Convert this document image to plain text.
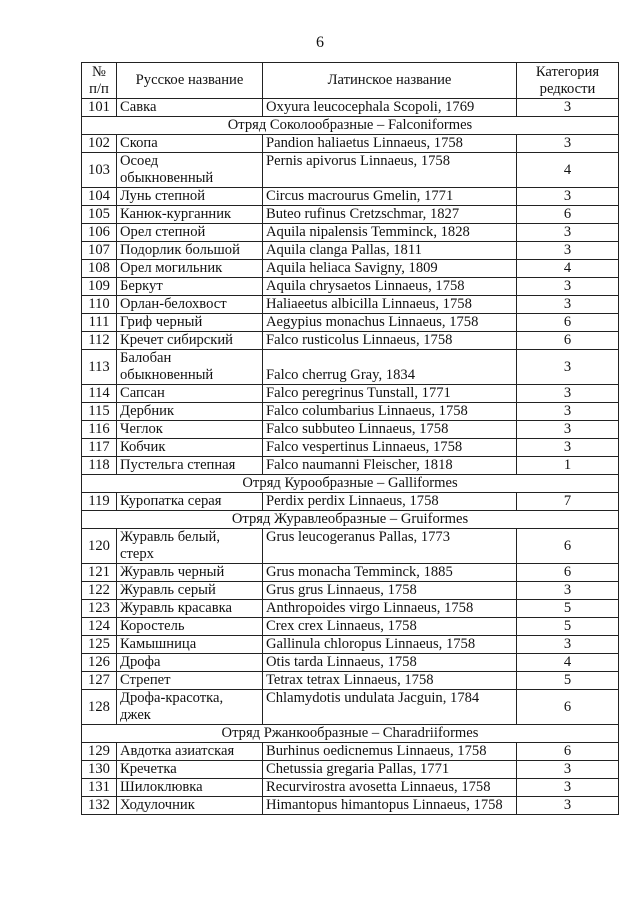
6
№
п/п	Русское название	Латинское название	Категория
редкости

101	Савка	Oxyura leucocephala Scopoli, 1769	3
Отряд Соколообразные – Falconiformes			
102	Скопа	Pandion haliaetus Linnaeus, 1758	3
103	Осоед
обыкновенный	Pernis apivorus Linnaeus, 1758	4
104	Лунь степной	Circus macrourus Gmelin, 1771	3
105	Канюк-курганник	Buteo rufinus Cretzschmar, 1827	6
106	Орел степной	Aquila nipalensis Temminck, 1828	3
107	Подорлик большой	Aquila clanga Pallas, 1811	3
108	Орел могильник	Aquila heliaca Savigny, 1809	4
109	Беркут	Aquila chrysaetos Linnaeus, 1758	3
110	Орлан-белохвост	Haliaeetus albicilla Linnaeus, 1758	3
111	Гриф черный	Aegypius monachus Linnaeus, 1758	6
112	Кречет сибирский	Falco rusticolus Linnaeus, 1758	6
113	Балобан
обыкновенный	Falco cherrug Gray, 1834	3
114	Сапсан	Falco peregrinus Tunstall, 1771	3
115	Дербник	Falco columbarius Linnaeus, 1758	3
116	Чеглок	Falco subbuteo Linnaeus, 1758	3
117	Кобчик	Falco vespertinus Linnaeus, 1758	3
118	Пустельга степная	Falco naumanni Fleischer, 1818	1
Отряд Курообразные – Galliformes			
119	Куропатка серая	Perdix perdix Linnaeus, 1758	7
Отряд Журавлеобразные – Gruiformes			
120	Журавль белый,
стерх	Grus leucogeranus Pallas, 1773	6
121	Журавль черный	Grus monacha Temminck, 1885	6
122	Журавль серый	Grus grus Linnaeus, 1758	3
123	Журавль красавка	Anthropoides virgo Linnaeus, 1758	5
124	Коростель	Crex crex Linnaeus, 1758	5
125	Камышница	Gallinula chloropus Linnaeus, 1758	3
126	Дрофа	Otis tarda Linnaeus, 1758	4
127	Стрепет	Tetrax tetrax Linnaeus, 1758	5
128	Дрофа-красотка,
джек	Chlamydotis undulata Jacguin, 1784	6
Отряд Ржанкообразные – Charadriiformes			
129	Авдотка азиатская	Burhinus oedicnemus Linnaeus, 1758	6
130	Кречетка	Chetussia gregaria Pallas, 1771	3
131	Шилоклювка	Recurvirostra avosetta Linnaeus, 1758	3
132	Ходулочник	Himantopus himantopus Linnaeus, 1758	3
